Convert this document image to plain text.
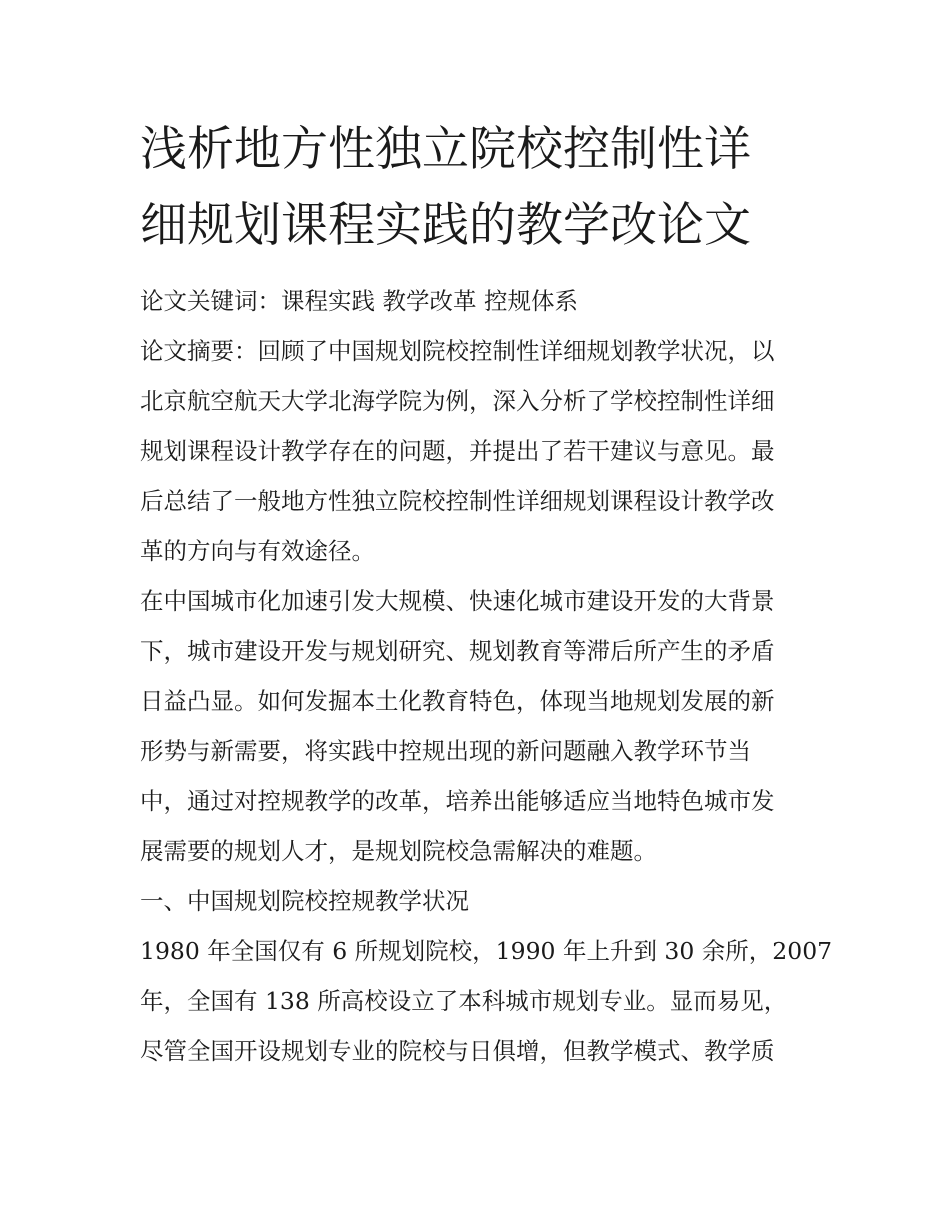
浅析地方性独立院校控制性详
细规划课程实践的教学改论文
论文关键词：课程实践 教学改革 控规体系
论文摘要：回顾了中国规划院校控制性详细规划教学状况，以
北京航空航天大学北海学院为例，深入分析了学校控制性详细
规划课程设计教学存在的问题，并提出了若干建议与意见。最
后总结了一般地方性独立院校控制性详细规划课程设计教学改
革的方向与有效途径。
在中国城市化加速引发大规模、快速化城市建设开发的大背景
下，城市建设开发与规划研究、规划教育等滞后所产生的矛盾
日益凸显。如何发掘本土化教育特色，体现当地规划发展的新
形势与新需要，将实践中控规出现的新问题融入教学环节当
中，通过对控规教学的改革，培养出能够适应当地特色城市发
展需要的规划人才，是规划院校急需解决的难题。
一、中国规划院校控规教学状况
1980 年全国仅有 6 所规划院校，1990 年上升到 30 余所，2007
年，全国有 138 所高校设立了本科城市规划专业。显而易见，
尽管全国开设规划专业的院校与日俱增，但教学模式、教学质
